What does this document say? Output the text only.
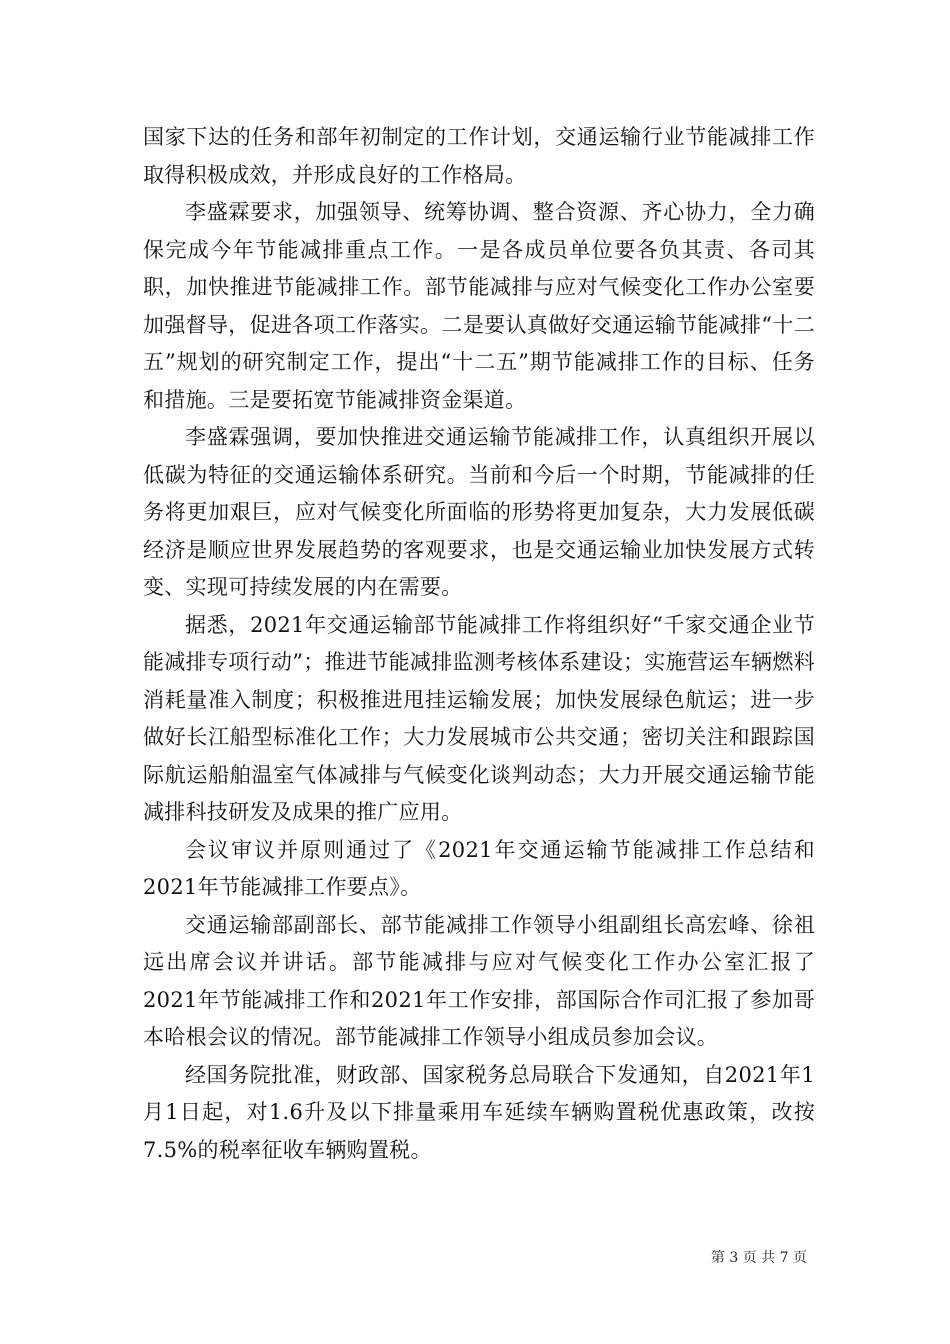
国家下达的任务和部年初制定的工作计划，交通运输行业节能减排工作取得积极成效，并形成良好的工作格局。

李盛霖要求，加强领导、统筹协调、整合资源、齐心协力，全力确保完成今年节能减排重点工作。一是各成员单位要各负其责、各司其职，加快推进节能减排工作。部节能减排与应对气候变化工作办公室要加强督导，促进各项工作落实。二是要认真做好交通运输节能减排“十二五”规划的研究制定工作，提出“十二五”期节能减排工作的目标、任务和措施。三是要拓宽节能减排资金渠道。

李盛霖强调，要加快推进交通运输节能减排工作，认真组织开展以低碳为特征的交通运输体系研究。当前和今后一个时期，节能减排的任务将更加艰巨，应对气候变化所面临的形势将更加复杂，大力发展低碳经济是顺应世界发展趋势的客观要求，也是交通运输业加快发展方式转变、实现可持续发展的内在需要。

据悉，2021年交通运输部节能减排工作将组织好“千家交通企业节能减排专项行动”；推进节能减排监测考核体系建设；实施营运车辆燃料消耗量准入制度；积极推进甩挂运输发展；加快发展绿色航运；进一步做好长江船型标准化工作；大力发展城市公共交通；密切关注和跟踪国际航运船舶温室气体减排与气候变化谈判动态；大力开展交通运输节能减排科技研发及成果的推广应用。

会议审议并原则通过了《2021年交通运输节能减排工作总结和2021年节能减排工作要点》。

交通运输部副部长、部节能减排工作领导小组副组长高宏峰、徐祖远出席会议并讲话。部节能减排与应对气候变化工作办公室汇报了2021年节能减排工作和2021年工作安排，部国际合作司汇报了参加哥本哈根会议的情况。部节能减排工作领导小组成员参加会议。

经国务院批准，财政部、国家税务总局联合下发通知，自2021年1月1日起，对1.6升及以下排量乘用车延续车辆购置税优惠政策，改按7.5%的税率征收车辆购置税。

第 3 页 共 7 页
